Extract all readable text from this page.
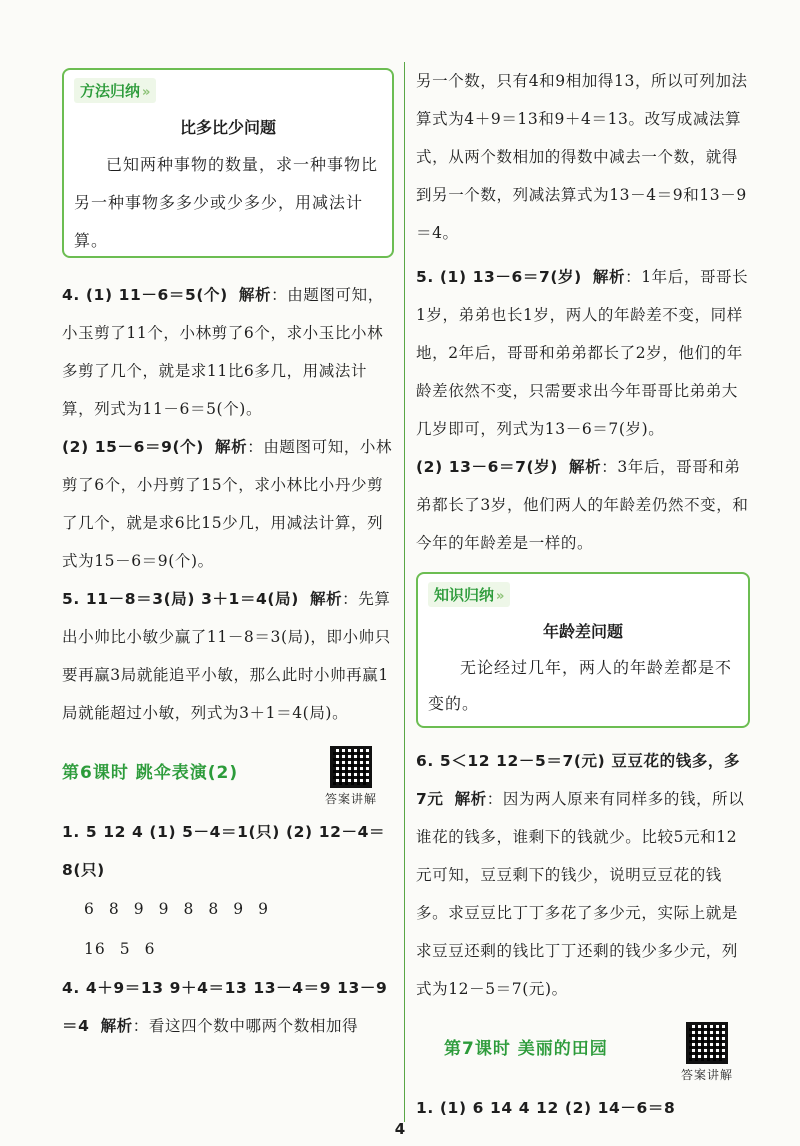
方法归纳 »
比多比少问题
已知两种事物的数量，求一种事物比另一种事物多多少或少多少，用减法计算。

4. (1) 11－6＝5(个) 解析：由题图可知，小玉剪了11个，小林剪了6个，求小玉比小林多剪了几个，就是求11比6多几，用减法计算，列式为11－6＝5(个)。

(2) 15－6＝9(个) 解析：由题图可知，小林剪了6个，小丹剪了15个，求小林比小丹少剪了几个，就是求6比15少几，用减法计算，列式为15－6＝9(个)。

5. 11－8＝3(局) 3＋1＝4(局) 解析：先算出小帅比小敏少赢了11－8＝3(局)，即小帅只要再赢3局就能追平小敏，那么此时小帅再赢1局就能超过小敏，列式为3＋1＝4(局)。

第6课时 跳伞表演(2)
答案讲解

1. 5 12 4 (1) 5－4＝1(只) (2) 12－4＝8(只)

6 8 9 9 8 8 9 9
16 5 6

4. 4＋9＝13 9＋4＝13 13－4＝9 13－9＝4 解析：看这四个数中哪两个数相加得

另一个数，只有4和9相加得13，所以可列加法算式为4＋9＝13和9＋4＝13。改写成减法算式，从两个数相加的得数中减去一个数，就得到另一个数，列减法算式为13－4＝9和13－9＝4。

5. (1) 13－6＝7(岁) 解析：1年后，哥哥长1岁，弟弟也长1岁，两人的年龄差不变，同样地，2年后，哥哥和弟弟都长了2岁，他们的年龄差依然不变，只需要求出今年哥哥比弟弟大几岁即可，列式为13－6＝7(岁)。

(2) 13－6＝7(岁) 解析：3年后，哥哥和弟弟都长了3岁，他们两人的年龄差仍然不变，和今年的年龄差是一样的。

知识归纳 »
年龄差问题
无论经过几年，两人的年龄差都是不变的。

6. 5＜12 12－5＝7(元) 豆豆花的钱多，多7元 解析：因为两人原来有同样多的钱，所以谁花的钱多，谁剩下的钱就少。比较5元和12元可知，豆豆剩下的钱少，说明豆豆花的钱多。求豆豆比丁丁多花了多少元，实际上就是求豆豆还剩的钱比丁丁还剩的钱少多少元，列式为12－5＝7(元)。

第7课时 美丽的田园
答案讲解

1. (1) 6 14 4 12 (2) 14－6＝8

4
